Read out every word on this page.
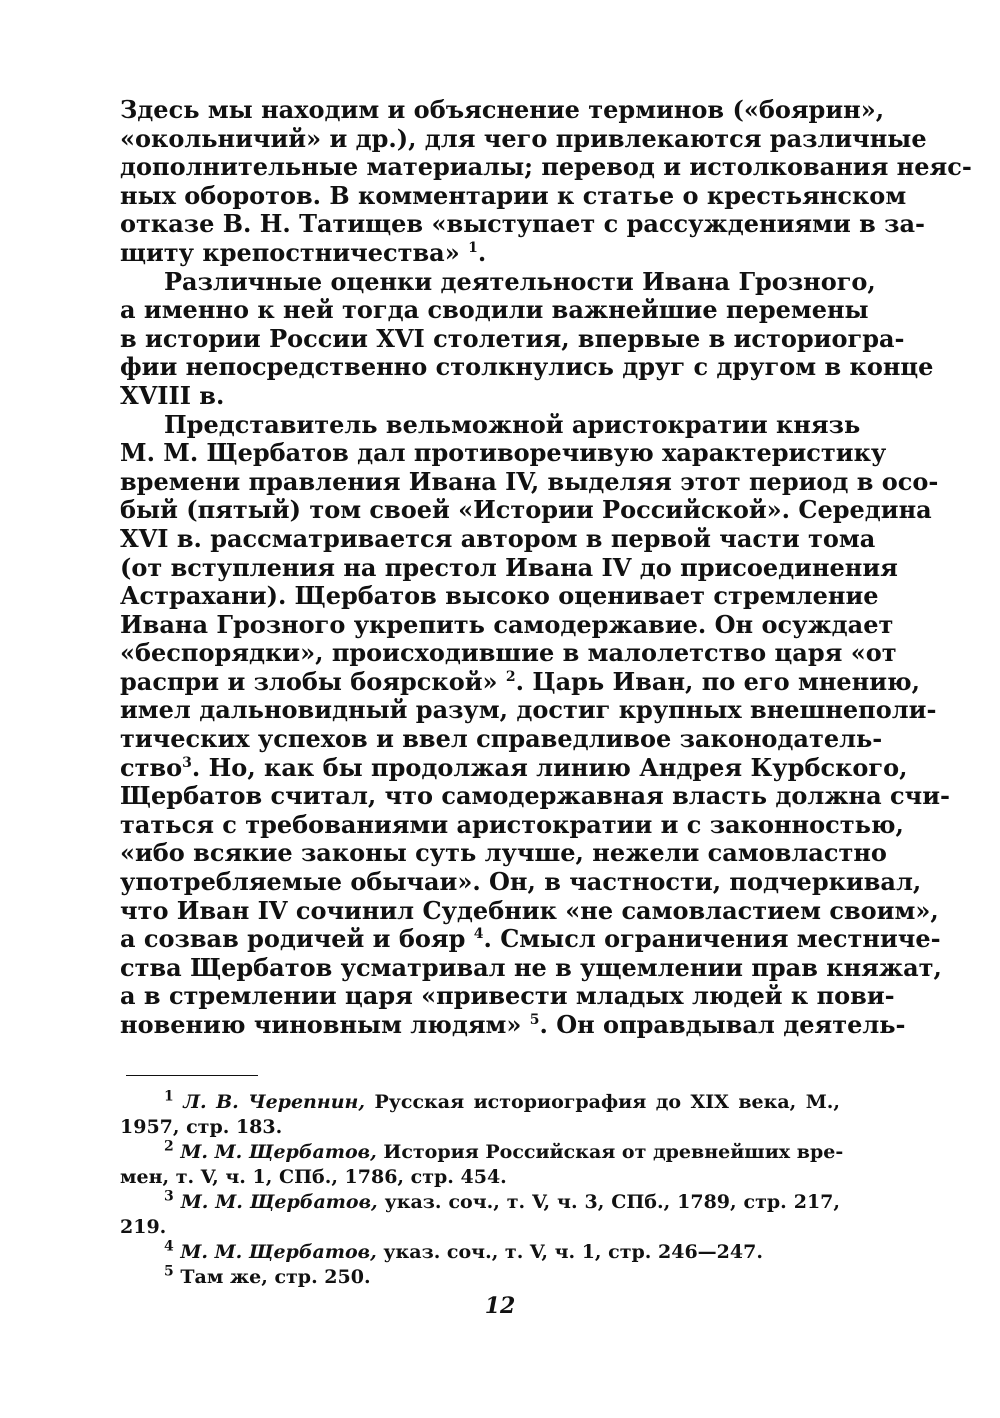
Здесь мы находим и объяснение терминов («боярин»,
«окольничий» и др.), для чего привлекаются различные
дополнительные материалы; перевод и истолкования неяс-
ных оборотов. В комментарии к статье о крестьянском
отказе В. Н. Татищев «выступает с рассуждениями в за-
щиту крепостничества» $^1$.
Различные оценки деятельности Ивана Грозного,
а именно к ней тогда сводили важнейшие перемены
в истории России XVI столетия, впервые в историогра-
фии непосредственно столкнулись друг с другом в конце
XVIII в.
Представитель вельможной аристократии князь
М. М. Щербатов дал противоречивую характеристику
времени правления Ивана IV, выделяя этот период в осо-
бый (пятый) том своей «Истории Российской». Середина
XVI в. рассматривается автором в первой части тома
(от вступления на престол Ивана IV до присоединения
Астрахани). Щербатов высоко оценивает стремление
Ивана Грозного укрепить самодержавие. Он осуждает
«беспорядки», происходившие в малолетство царя «от
распри и злобы боярской» $^2$. Царь Иван, по его мнению,
имел дальновидный разум, достиг крупных внешнеполи-
тических успехов и ввел справедливое законодатель-
ство$^3$. Но, как бы продолжая линию Андрея Курбского,
Щербатов считал, что самодержавная власть должна счи-
таться с требованиями аристократии и с законностью,
«ибо всякие законы суть лучше, нежели самовластно
употребляемые обычаи». Он, в частности, подчеркивал,
что Иван IV сочинил Судебник «не самовластием своим»,
а созвав родичей и бояр $^4$. Смысл ограничения местниче-
ства Щербатов усматривал не в ущемлении прав княжат,
а в стремлении царя «привести младых людей к пови-
новению чиновным людям» $^5$. Он оправдывал деятель-
$^1$ Л. В. Черепнин, Русская историография до XIX века, М.,
1957, стр. 183.
$^2$ М. М. Щербатов, История Российская от древнейших вре-
мен, т. V, ч. 1, СПб., 1786, стр. 454.
$^3$ М. М. Щербатов, указ. соч., т. V, ч. 3, СПб., 1789, стр. 217,
219.
$^4$ М. М. Щербатов, указ. соч., т. V, ч. 1, стр. 246—247.
$^5$ Там же, стр. 250.
12
